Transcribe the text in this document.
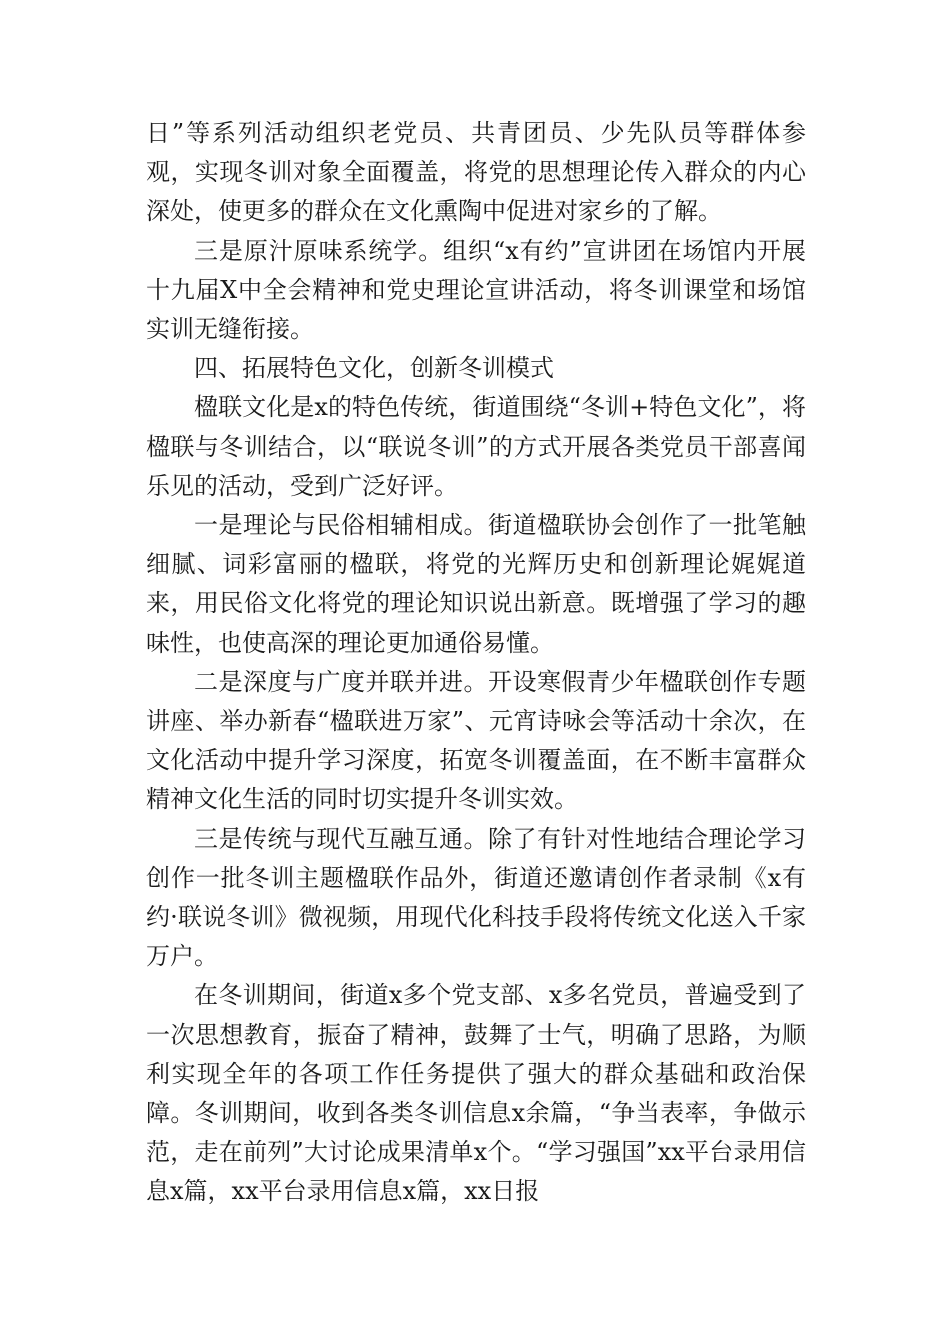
日”等系列活动组织老党员、共青团员、少先队员等群体参观，实现冬训对象全面覆盖，将党的思想理论传入群众的内心深处，使更多的群众在文化熏陶中促进对家乡的了解。

三是原汁原味系统学。组织“x有约”宣讲团在场馆内开展十九届X中全会精神和党史理论宣讲活动，将冬训课堂和场馆实训无缝衔接。

四、拓展特色文化，创新冬训模式

楹联文化是x的特色传统，街道围绕“冬训+特色文化”，将楹联与冬训结合，以“联说冬训”的方式开展各类党员干部喜闻乐见的活动，受到广泛好评。

一是理论与民俗相辅相成。街道楹联协会创作了一批笔触细腻、词彩富丽的楹联，将党的光辉历史和创新理论娓娓道来，用民俗文化将党的理论知识说出新意。既增强了学习的趣味性，也使高深的理论更加通俗易懂。

二是深度与广度并联并进。开设寒假青少年楹联创作专题讲座、举办新春“楹联进万家”、元宵诗咏会等活动十余次，在文化活动中提升学习深度，拓宽冬训覆盖面，在不断丰富群众精神文化生活的同时切实提升冬训实效。

三是传统与现代互融互通。除了有针对性地结合理论学习创作一批冬训主题楹联作品外，街道还邀请创作者录制《x有约·联说冬训》微视频，用现代化科技手段将传统文化送入千家万户。

在冬训期间，街道x多个党支部、x多名党员，普遍受到了一次思想教育，振奋了精神，鼓舞了士气，明确了思路，为顺利实现全年的各项工作任务提供了强大的群众基础和政治保障。冬训期间，收到各类冬训信息x余篇，“争当表率，争做示范，走在前列”大讨论成果清单x个。“学习强国”xx平台录用信息x篇，xx平台录用信息x篇，xx日报
